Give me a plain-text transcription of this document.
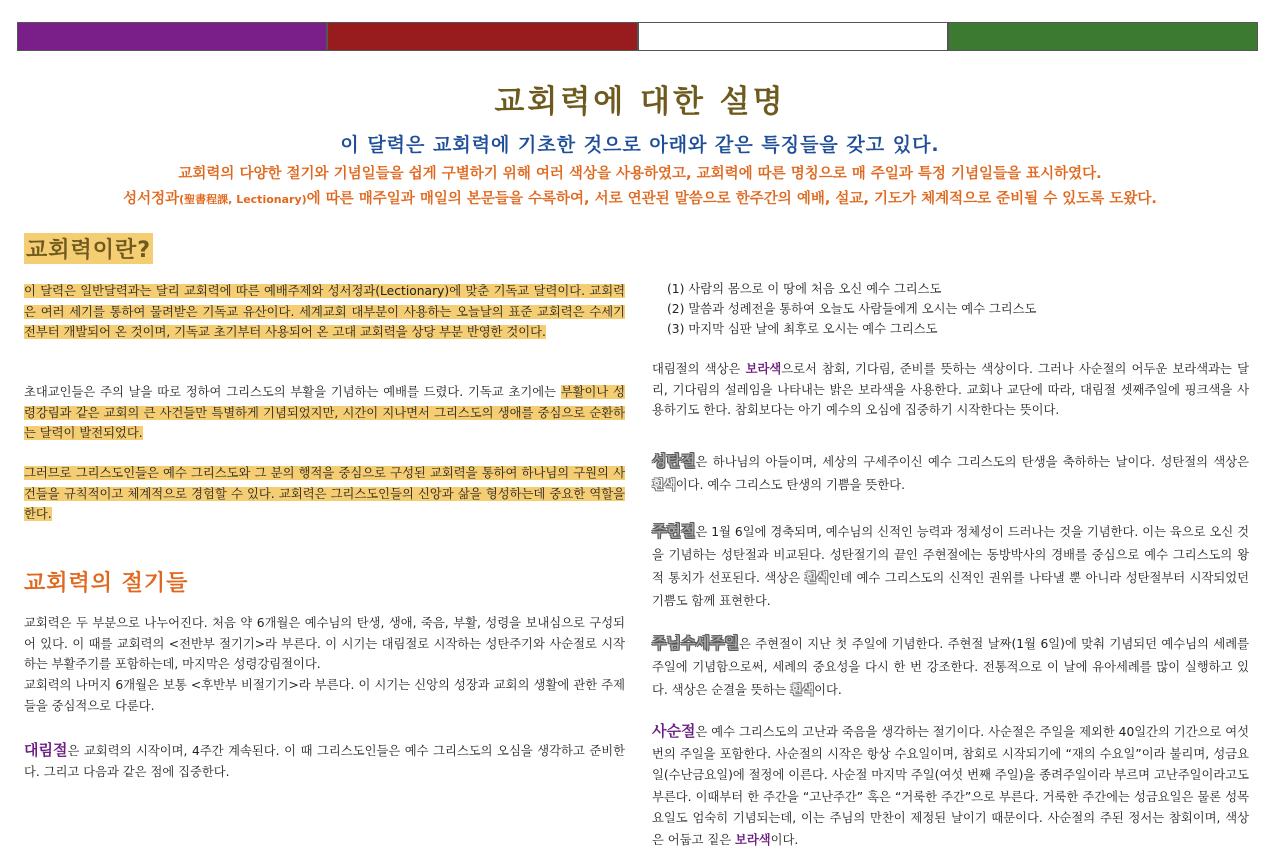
교회력에 대한 설명
이 달력은 교회력에 기초한 것으로 아래와 같은 특징들을 갖고 있다.
교회력의 다양한 절기와 기념일들을 쉽게 구별하기 위해 여러 색상을 사용하였고, 교회력에 따른 명칭으로 매 주일과 특정 기념일들을 표시하였다.
성서정과(聖書程課, Lectionary)에 따른 매주일과 매일의 본문들을 수록하여, 서로 연관된 말씀으로 한주간의 예배, 설교, 기도가 체계적으로 준비될 수 있도록 도왔다.
교회력이란?

이 달력은 일반달력과는 달리 교회력에 따른 예배주제와 성서정과(Lectionary)에 맞춘 기독교 달력이다. 교회력은 여러 세기를 통하여 물려받은 기독교 유산이다. 세계교회 대부분이 사용하는 오늘날의 표준 교회력은 수세기 전부터 개발되어 온 것이며, 기독교 초기부터 사용되어 온 고대 교회력을 상당 부분 반영한 것이다.

초대교인들은 주의 날을 따로 정하여 그리스도의 부활을 기념하는 예배를 드렸다. 기독교 초기에는 부활이나 성령강림과 같은 교회의 큰 사건들만 특별하게 기념되었지만, 시간이 지나면서 그리스도의 생애를 중심으로 순환하는 달력이 발전되었다.

그러므로 그리스도인들은 예수 그리스도와 그 분의 행적을 중심으로 구성된 교회력을 통하여 하나님의 구원의 사건들을 규칙적이고 체계적으로 경험할 수 있다. 교회력은 그리스도인들의 신앙과 삶을 형성하는데 중요한 역할을 한다.

교회력의 절기들

교회력은 두 부분으로 나누어진다. 처음 약 6개월은 예수님의 탄생, 생애, 죽음, 부활, 성령을 보내심으로 구성되어 있다. 이 때를 교회력의 <전반부 절기기>라 부른다. 이 시기는 대림절로 시작하는 성탄주기와 사순절로 시작하는 부활주기를 포함하는데, 마지막은 성령강림절이다.

교회력의 나머지 6개월은 보통 <후반부 비절기기>라 부른다. 이 시기는 신앙의 성장과 교회의 생활에 관한 주제들을 중심적으로 다룬다.

대림절은 교회력의 시작이며, 4주간 계속된다. 이 때 그리스도인들은 예수 그리스도의 오심을 생각하고 준비한다. 그리고 다음과 같은 점에 집중한다.

(1) 사람의 몸으로 이 땅에 처음 오신 예수 그리스도
(2) 말씀과 성례전을 통하여 오늘도 사람들에게 오시는 예수 그리스도
(3) 마지막 심판 날에 최후로 오시는 예수 그리스도

대림절의 색상은 보라색으로서 참회, 기다림, 준비를 뜻하는 색상이다. 그러나 사순절의 어두운 보라색과는 달리, 기다림의 설레임을 나타내는 밝은 보라색을 사용한다. 교회나 교단에 따라, 대림절 셋째주일에 핑크색을 사용하기도 한다. 참회보다는 아기 예수의 오심에 집중하기 시작한다는 뜻이다.

성탄절은 하나님의 아들이며, 세상의 구세주이신 예수 그리스도의 탄생을 축하하는 날이다. 성탄절의 색상은 흰색이다. 예수 그리스도 탄생의 기쁨을 뜻한다.

주현절은 1월 6일에 경축되며, 예수님의 신적인 능력과 정체성이 드러나는 것을 기념한다. 이는 육으로 오신 것을 기념하는 성탄절과 비교된다. 성탄절기의 끝인 주현절에는 동방박사의 경배를 중심으로 예수 그리스도의 왕적 통치가 선포된다. 색상은 흰색인데 예수 그리스도의 신적인 권위를 나타낼 뿐 아니라 성탄절부터 시작되었던 기쁨도 함께 표현한다.

주님수세주일은 주현절이 지난 첫 주일에 기념한다. 주현절 날짜(1월 6일)에 맞춰 기념되던 예수님의 세례를 주일에 기념함으로써, 세례의 중요성을 다시 한 번 강조한다. 전통적으로 이 날에 유아세례를 많이 실행하고 있다. 색상은 순결을 뜻하는 흰색이다.

사순절은 예수 그리스도의 고난과 죽음을 생각하는 절기이다. 사순절은 주일을 제외한 40일간의 기간으로 여섯 번의 주일을 포함한다. 사순절의 시작은 항상 수요일이며, 참회로 시작되기에 “재의 수요일”이라 불리며, 성금요일(수난금요일)에 절정에 이른다. 사순절 마지막 주일(여섯 번째 주일)을 종려주일이라 부르며 고난주일이라고도 부른다. 이때부터 한 주간을 “고난주간” 혹은 “거룩한 주간”으로 부른다. 거룩한 주간에는 성금요일은 물론 성목요일도 엄숙히 기념되는데, 이는 주님의 만찬이 제정된 날이기 때문이다. 사순절의 주된 정서는 참회이며, 색상은 어둡고 짙은 보라색이다.
